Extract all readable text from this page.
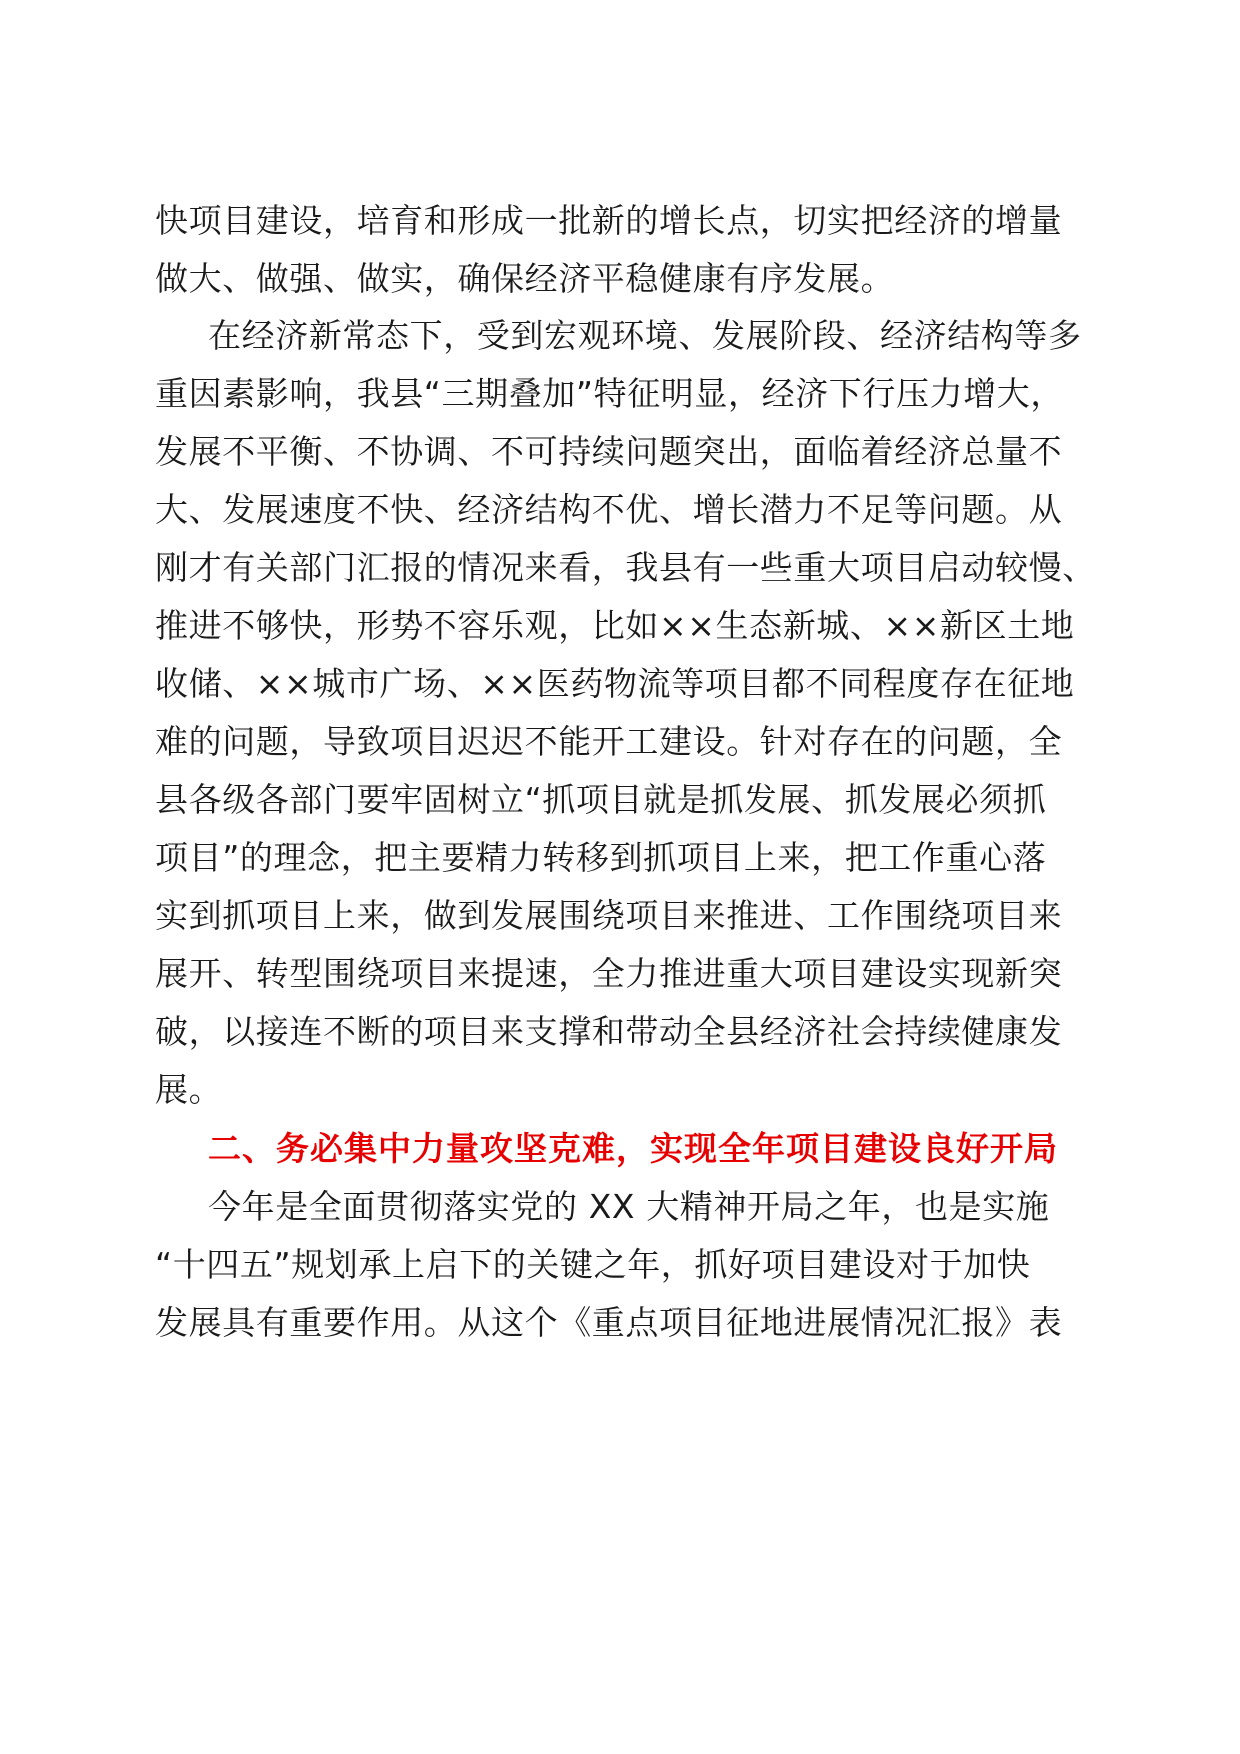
快项目建设，培育和形成一批新的增长点，切实把经济的增量
做大、做强、做实，确保经济平稳健康有序发展。
在经济新常态下，受到宏观环境、发展阶段、经济结构等多
重因素影响，我县“三期叠加”特征明显，经济下行压力增大，
发展不平衡、不协调、不可持续问题突出，面临着经济总量不
大、发展速度不快、经济结构不优、增长潜力不足等问题。从
刚才有关部门汇报的情况来看，我县有一些重大项目启动较慢、
推进不够快，形势不容乐观，比如××生态新城、××新区土地
收储、××城市广场、××医药物流等项目都不同程度存在征地
难的问题，导致项目迟迟不能开工建设。针对存在的问题，全
县各级各部门要牢固树立“抓项目就是抓发展、抓发展必须抓
项目”的理念，把主要精力转移到抓项目上来，把工作重心落
实到抓项目上来，做到发展围绕项目来推进、工作围绕项目来
展开、转型围绕项目来提速，全力推进重大项目建设实现新突
破，以接连不断的项目来支撑和带动全县经济社会持续健康发
展。
二、务必集中力量攻坚克难，实现全年项目建设良好开局
今年是全面贯彻落实党的 XX 大精神开局之年，也是实施
“十四五”规划承上启下的关键之年，抓好项目建设对于加快
发展具有重要作用。从这个《重点项目征地进展情况汇报》表
